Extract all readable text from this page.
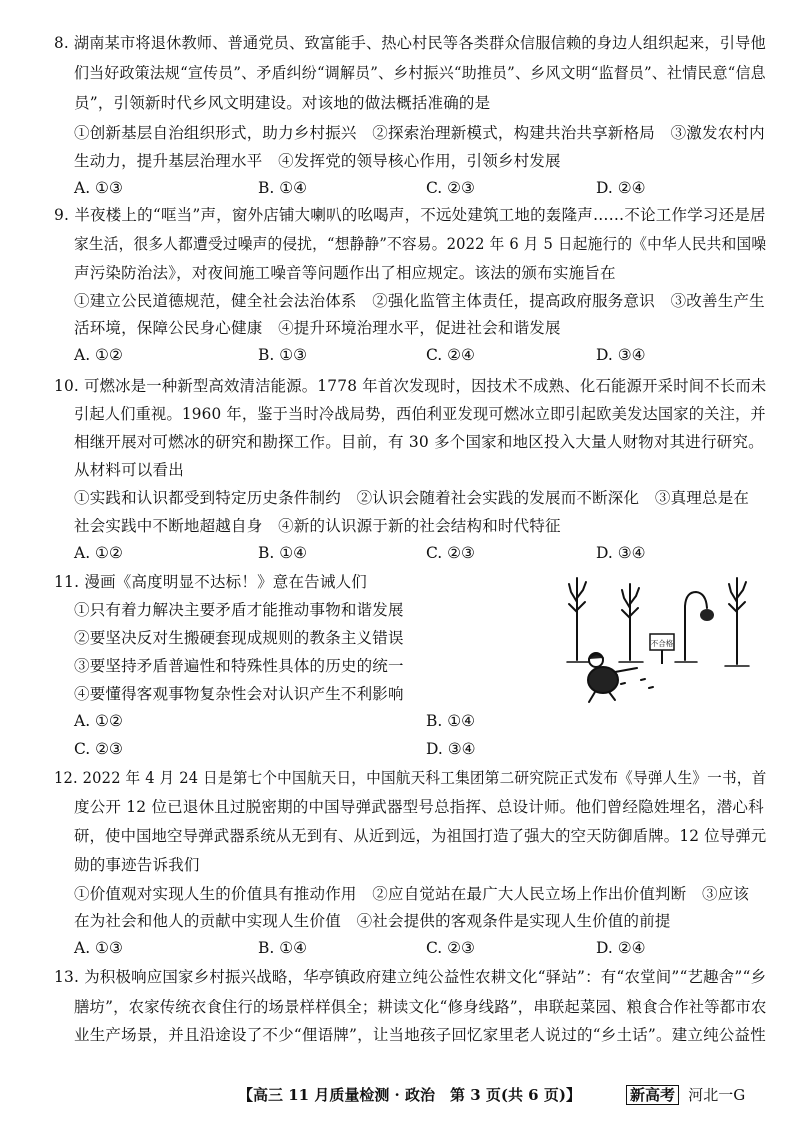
8. 湖南某市将退休教师、普通党员、致富能手、热心村民等各类群众信服信赖的身边人组织起来，引导他
们当好政策法规“宣传员”、矛盾纠纷“调解员”、乡村振兴“助推员”、乡风文明“监督员”、社情民意“信息
员”，引领新时代乡风文明建设。对该地的做法概括准确的是
①创新基层自治组织形式，助力乡村振兴　②探索治理新模式，构建共治共享新格局　③激发农村内
生动力，提升基层治理水平　④发挥党的领导核心作用，引领乡村发展
A. ①③	B. ①④	C. ②③	D. ②④
9. 半夜楼上的“哐当”声，窗外店铺大喇叭的吆喝声，不远处建筑工地的轰隆声……不论工作学习还是居
家生活，很多人都遭受过噪声的侵扰，“想静静”不容易。2022 年 6 月 5 日起施行的《中华人民共和国噪
声污染防治法》，对夜间施工噪音等问题作出了相应规定。该法的颁布实施旨在
①建立公民道德规范，健全社会法治体系　②强化监管主体责任，提高政府服务意识　③改善生产生
活环境，保障公民身心健康　④提升环境治理水平，促进社会和谐发展
A. ①②	B. ①③	C. ②④	D. ③④
10. 可燃冰是一种新型高效清洁能源。1778 年首次发现时，因技术不成熟、化石能源开采时间不长而未
引起人们重视。1960 年，鉴于当时冷战局势，西伯利亚发现可燃冰立即引起欧美发达国家的关注，并
相继开展对可燃冰的研究和勘探工作。目前，有 30 多个国家和地区投入大量人财物对其进行研究。
从材料可以看出
①实践和认识都受到特定历史条件制约　②认识会随着社会实践的发展而不断深化　③真理总是在
社会实践中不断地超越自身　④新的认识源于新的社会结构和时代特征
A. ①②	B. ①④	C. ②③	D. ③④
11. 漫画《高度明显不达标！》意在告诫人们
①只有着力解决主要矛盾才能推动事物和谐发展
②要坚决反对生搬硬套现成规则的教条主义错误
③要坚持矛盾普遍性和特殊性具体的历史的统一
④要懂得客观事物复杂性会对认识产生不利影响
A. ①②	B. ①④
C. ②③	D. ③④
不合格
12. 2022 年 4 月 24 日是第七个中国航天日，中国航天科工集团第二研究院正式发布《导弹人生》一书，首
度公开 12 位已退休且过脱密期的中国导弹武器型号总指挥、总设计师。他们曾经隐姓埋名，潜心科
研，使中国地空导弹武器系统从无到有、从近到远，为祖国打造了强大的空天防御盾牌。12 位导弹元
勋的事迹告诉我们
①价值观对实现人生的价值具有推动作用　②应自觉站在最广大人民立场上作出价值判断　③应该
在为社会和他人的贡献中实现人生价值　④社会提供的客观条件是实现人生价值的前提
A. ①③	B. ①④	C. ②③	D. ②④
13. 为积极响应国家乡村振兴战略，华亭镇政府建立纯公益性农耕文化“驿站”：有“农堂间”“艺趣舍”“乡
膳坊”，农家传统衣食住行的场景样样俱全；耕读文化“修身线路”，串联起菜园、粮食合作社等都市农
业生产场景，并且沿途设了不少“俚语牌”，让当地孩子回忆家里老人说过的“乡土话”。建立纯公益性
【高三 11 月质量检测 · 政治　第 3 页(共 6 页)】	新高考 河北一G
